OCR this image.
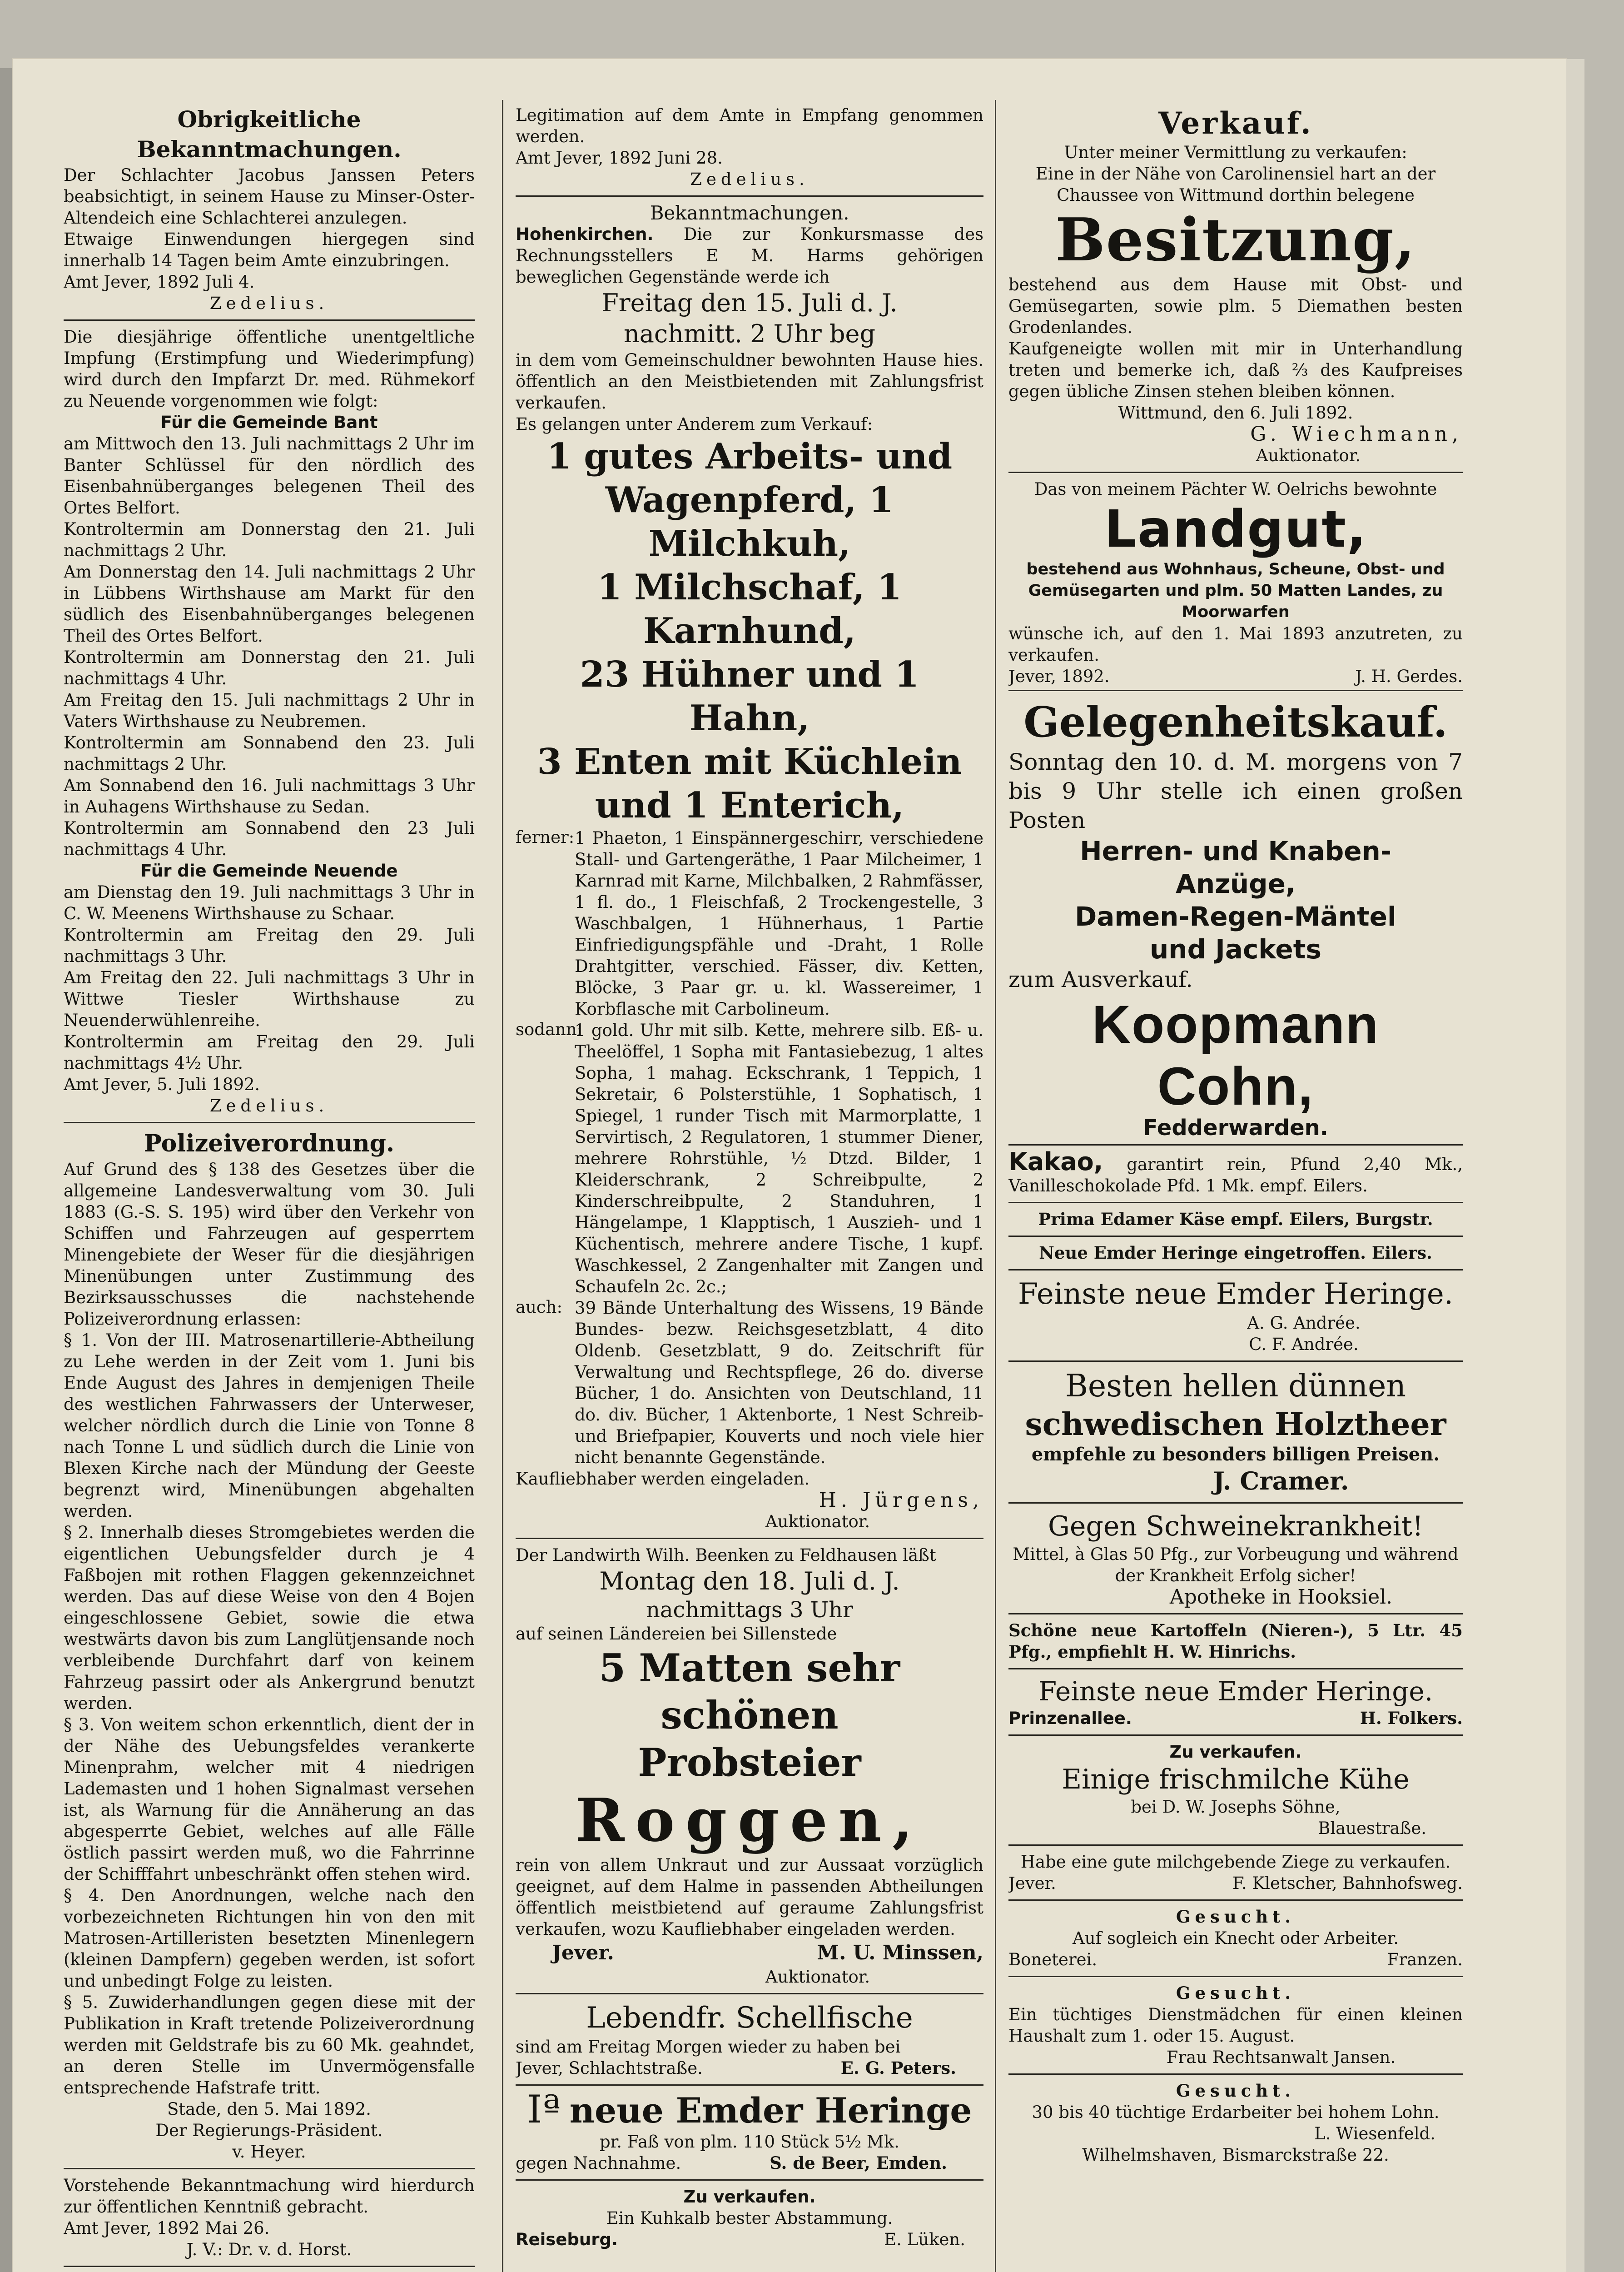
Obrigkeitliche Bekanntmachungen.

Der Schlachter Jacobus Janssen Peters beabsichtigt, in seinem Hause zu Minser-Oster-Altendeich eine Schlachterei anzulegen.

Etwaige Einwendungen hiergegen sind innerhalb 14 Tagen beim Amte einzubringen.

Amt Jever, 1892 Juli 4.

Zedelius.

Die diesjährige öffentliche unentgeltliche Impfung (Erstimpfung und Wiederimpfung) wird durch den Impfarzt Dr. med. Rühmekorf zu Neuende vorgenommen wie folgt:

Für die Gemeinde Bant

am Mittwoch den 13. Juli nachmittags 2 Uhr im Banter Schlüssel für den nördlich des Eisenbahnüberganges belegenen Theil des Ortes Belfort.

Kontroltermin am Donnerstag den 21. Juli nachmittags 2 Uhr.

Am Donnerstag den 14. Juli nachmittags 2 Uhr in Lübbens Wirthshause am Markt für den südlich des Eisenbahnüberganges belegenen Theil des Ortes Belfort.

Kontroltermin am Donnerstag den 21. Juli nachmittags 4 Uhr.

Am Freitag den 15. Juli nachmittags 2 Uhr in Vaters Wirthshause zu Neubremen.

Kontroltermin am Sonnabend den 23. Juli nachmittags 2 Uhr.

Am Sonnabend den 16. Juli nachmittags 3 Uhr in Auhagens Wirthshause zu Sedan.

Kontroltermin am Sonnabend den 23 Juli nachmittags 4 Uhr.

Für die Gemeinde Neuende

am Dienstag den 19. Juli nachmittags 3 Uhr in C. W. Meenens Wirthshause zu Schaar.

Kontroltermin am Freitag den 29. Juli nachmittags 3 Uhr.

Am Freitag den 22. Juli nachmittags 3 Uhr in Wittwe Tiesler Wirthshause zu Neuenderwühlenreihe.

Kontroltermin am Freitag den 29. Juli nachmittags 4½ Uhr.

Amt Jever, 5. Juli 1892.

Zedelius.

Polizeiverordnung.

Auf Grund des § 138 des Gesetzes über die allgemeine Landesverwaltung vom 30. Juli 1883 (G.-S. S. 195) wird über den Verkehr von Schiffen und Fahrzeugen auf gesperrtem Minengebiete der Weser für die diesjährigen Minenübungen unter Zustimmung des Bezirksausschusses die nachstehende Polizeiverordnung erlassen:

§ 1. Von der III. Matrosenartillerie-Abtheilung zu Lehe werden in der Zeit vom 1. Juni bis Ende August des Jahres in demjenigen Theile des westlichen Fahrwassers der Unterweser, welcher nördlich durch die Linie von Tonne 8 nach Tonne L und südlich durch die Linie von Blexen Kirche nach der Mündung der Geeste begrenzt wird, Minenübungen abgehalten werden.

§ 2. Innerhalb dieses Stromgebietes werden die eigentlichen Uebungsfelder durch je 4 Faßbojen mit rothen Flaggen gekennzeichnet werden. Das auf diese Weise von den 4 Bojen eingeschlossene Gebiet, sowie die etwa westwärts davon bis zum Langlütjensande noch verbleibende Durchfahrt darf von keinem Fahrzeug passirt oder als Ankergrund benutzt werden.

§ 3. Von weitem schon erkenntlich, dient der in der Nähe des Uebungsfeldes verankerte Minenprahm, welcher mit 4 niedrigen Lademasten und 1 hohen Signalmast versehen ist, als Warnung für die Annäherung an das abgesperrte Gebiet, welches auf alle Fälle östlich passirt werden muß, wo die Fahrrinne der Schifffahrt unbeschränkt offen stehen wird.

§ 4. Den Anordnungen, welche nach den vorbezeichneten Richtungen hin von den mit Matrosen-Artilleristen besetzten Minenlegern (kleinen Dampfern) gegeben werden, ist sofort und unbedingt Folge zu leisten.

§ 5. Zuwiderhandlungen gegen diese mit der Publikation in Kraft tretende Polizeiverordnung werden mit Geldstrafe bis zu 60 Mk. geahndet, an deren Stelle im Unvermögensfalle entsprechende Hafstrafe tritt.

Stade, den 5. Mai 1892.

Der Regierungs-Präsident.

v. Heyer.

Vorstehende Bekanntmachung wird hierdurch zur öffentlichen Kenntniß gebracht.

Amt Jever, 1892 Mai 26.

J. V.: Dr. v. d. Horst.

Legitimation auf dem Amte in Empfang genommen werden.

Amt Jever, 1892 Juni 28.

Zedelius.

Bekanntmachungen.

Hohenkirchen. Die zur Konkursmasse des Rechnungsstellers E M. Harms gehörigen beweglichen Gegenstände werde ich

Freitag den 15. Juli d. J.

nachmitt. 2 Uhr beg

in dem vom Gemeinschuldner bewohnten Hause hies. öffentlich an den Meistbietenden mit Zahlungsfrist verkaufen.

Es gelangen unter Anderem zum Verkauf:

1 gutes Arbeits- und

Wagenpferd, 1 Milchkuh,

1 Milchschaf, 1 Karnhund,

23 Hühner und 1 Hahn,

3 Enten mit Küchlein

und 1 Enterich,

ferner: 1 Phaeton, 1 Einspännergeschirr, verschiedene Stall- und Gartengeräthe, 1 Paar Milcheimer, 1 Karnrad mit Karne, Milchbalken, 2 Rahmfässer, 1 fl. do., 1 Fleischfaß, 2 Trockengestelle, 3 Waschbalgen, 1 Hühnerhaus, 1 Partie Einfriedigungspfähle und -Draht, 1 Rolle Drahtgitter, verschied. Fässer, div. Ketten, Blöcke, 3 Paar gr. u. kl. Wassereimer, 1 Korbflasche mit Carbolineum.

sodann:

1 gold. Uhr mit silb. Kette, mehrere silb. Eß- u. Theelöffel, 1 Sopha mit Fantasiebezug, 1 altes Sopha, 1 mahag. Eckschrank, 1 Teppich, 1 Sekretair, 6 Polsterstühle, 1 Sophatisch, 1 Spiegel, 1 runder Tisch mit Marmorplatte, 1 Servirtisch, 2 Regulatoren, 1 stummer Diener, mehrere Rohrstühle, ½ Dtzd. Bilder, 1 Kleiderschrank, 2 Schreibpulte, 2 Kinderschreibpulte, 2 Standuhren, 1 Hängelampe, 1 Klapptisch, 1 Auszieh- und 1 Küchentisch, mehrere andere Tische, 1 kupf. Waschkessel, 2 Zangenhalter mit Zangen und Schaufeln 2c. 2c.;

auch: 39 Bände Unterhaltung des Wissens, 19 Bände Bundes- bezw. Reichsgesetzblatt, 4 dito Oldenb. Gesetzblatt, 9 do. Zeitschrift für Verwaltung und Rechtspflege, 26 do. diverse Bücher, 1 do. Ansichten von Deutschland, 11 do. div. Bücher, 1 Aktenborte, 1 Nest Schreib- und Briefpapier, Kouverts und noch viele hier nicht benannte Gegenstände.

Kaufliebhaber werden eingeladen.

H. Jürgens,

Auktionator.

Der Landwirth Wilh. Beenken zu Feldhausen läßt

Montag den 18. Juli d. J.

nachmittags 3 Uhr

auf seinen Ländereien bei Sillenstede

5 Matten sehr schönen

Probsteier

Roggen,

rein von allem Unkraut und zur Aussaat vorzüglich geeignet, auf dem Halme in passenden Abtheilungen öffentlich meistbietend auf geraume Zahlungsfrist verkaufen, wozu Kaufliebhaber eingeladen werden.

Jever.	M. U. Minssen,

Auktionator.

Lebendfr. Schellfische

sind am Freitag Morgen wieder zu haben bei

Jever, Schlachtstraße.	E. G. Peters.

Iª neue Emder Heringe

pr. Faß von plm. 110 Stück 5½ Mk.

gegen Nachnahme.	S. de Beer, Emden.

Zu verkaufen.

Ein Kuhkalb bester Abstammung.

Reiseburg.	E. Lüken.

Verkauf.

Unter meiner Vermittlung zu verkaufen:

Eine in der Nähe von Carolinensiel hart an der Chaussee von Wittmund dorthin belegene

Besitzung,

bestehend aus dem Hause mit Obst- und Gemüsegarten, sowie plm. 5 Diemathen besten Grodenlandes.

Kaufgeneigte wollen mit mir in Unterhandlung treten und bemerke ich, daß ⅔ des Kaufpreises gegen übliche Zinsen stehen bleiben können.

Wittmund, den 6. Juli 1892.

G. Wiechmann,

Auktionator.

Das von meinem Pächter W. Oelrichs bewohnte

Landgut,

bestehend aus Wohnhaus, Scheune, Obst- und Gemüsegarten und plm. 50 Matten Landes, zu Moorwarfen

wünsche ich, auf den 1. Mai 1893 anzutreten, zu verkaufen.

Jever, 1892.	J. H. Gerdes.

Gelegenheitskauf.

Sonntag den 10. d. M. morgens von 7 bis 9 Uhr stelle ich einen großen Posten

Herren- und Knaben-

Anzüge,

Damen-Regen-Mäntel

und Jackets

zum Ausverkauf.

Koopmann Cohn,

Fedderwarden.

Kakao, garantirt rein, Pfund 2,40 Mk., Vanilleschokolade Pfd. 1 Mk. empf. Eilers.

Prima Edamer Käse empf. Eilers, Burgstr.

Neue Emder Heringe eingetroffen. Eilers.

Feinste neue Emder Heringe.

A. G. Andrée.

C. F. Andrée.

Besten hellen dünnen

schwedischen Holztheer

empfehle zu besonders billigen Preisen.

J. Cramer.

Gegen Schweinekrankheit!

Mittel, à Glas 50 Pfg., zur Vorbeugung und während der Krankheit Erfolg sicher!

Apotheke in Hooksiel.

Schöne neue Kartoffeln (Nieren-), 5 Ltr. 45 Pfg., empfiehlt H. W. Hinrichs.

Feinste neue Emder Heringe.

Prinzenallee.	H. Folkers.

Zu verkaufen.

Einige frischmilche Kühe

bei D. W. Josephs Söhne,

Blauestraße.

Habe eine gute milchgebende Ziege zu verkaufen.

Jever.	F. Kletscher, Bahnhofsweg.

Gesucht.

Auf sogleich ein Knecht oder Arbeiter.

Boneterei.	Franzen.

Gesucht.

Ein tüchtiges Dienstmädchen für einen kleinen Haushalt zum 1. oder 15. August.

Frau Rechtsanwalt Jansen.

Gesucht.

30 bis 40 tüchtige Erdarbeiter bei hohem Lohn.

L. Wiesenfeld.

Wilhelmshaven, Bismarckstraße 22.
